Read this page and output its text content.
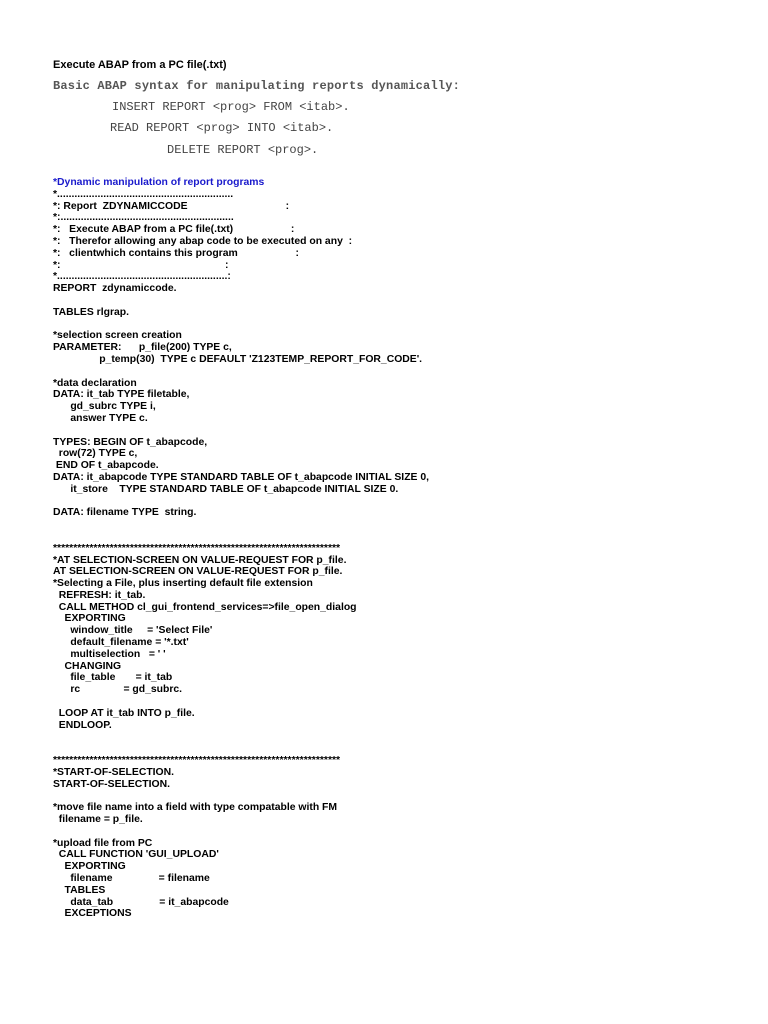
Execute ABAP from a PC file(.txt)
Basic ABAP syntax for manipulating reports dynamically:
INSERT REPORT <prog> FROM <itab>.
READ REPORT <prog> INTO <itab>.
DELETE REPORT <prog>.
*Dynamic manipulation of report programs
*.............................................................
*: Report  ZDYNAMICCODE                                  :
*:............................................................
*:   Execute ABAP from a PC file(.txt)                    :
*:   Therefor allowing any abap code to be executed on any  :
*:   clientwhich contains this program                    :
*:                                                         :
*...........................................................:
REPORT  zdynamiccode.
TABLES rlgrap.
*selection screen creation
PARAMETER:      p_file(200) TYPE c,
p_temp(30)  TYPE c DEFAULT 'Z123TEMP_REPORT_FOR_CODE'.
*data declaration
DATA: it_tab TYPE filetable,
gd_subrc TYPE i,
answer TYPE c.
TYPES: BEGIN OF t_abapcode,
row(72) TYPE c,
END OF t_abapcode.
DATA: it_abapcode TYPE STANDARD TABLE OF t_abapcode INITIAL SIZE 0,
it_store    TYPE STANDARD TABLE OF t_abapcode INITIAL SIZE 0.
DATA: filename TYPE  string.
***********************************************************************
*AT SELECTION-SCREEN ON VALUE-REQUEST FOR p_file.
AT SELECTION-SCREEN ON VALUE-REQUEST FOR p_file.
*Selecting a File, plus inserting default file extension
REFRESH: it_tab.
CALL METHOD cl_gui_frontend_services=>file_open_dialog
EXPORTING
window_title     = 'Select File'
default_filename = '*.txt'
multiselection   = ' '
CHANGING
file_table       = it_tab
rc               = gd_subrc.
LOOP AT it_tab INTO p_file.
ENDLOOP.
***********************************************************************
*START-OF-SELECTION.
START-OF-SELECTION.
*move file name into a field with type compatable with FM
filename = p_file.
*upload file from PC
CALL FUNCTION 'GUI_UPLOAD'
EXPORTING
filename                = filename
TABLES
data_tab                = it_abapcode
EXCEPTIONS
